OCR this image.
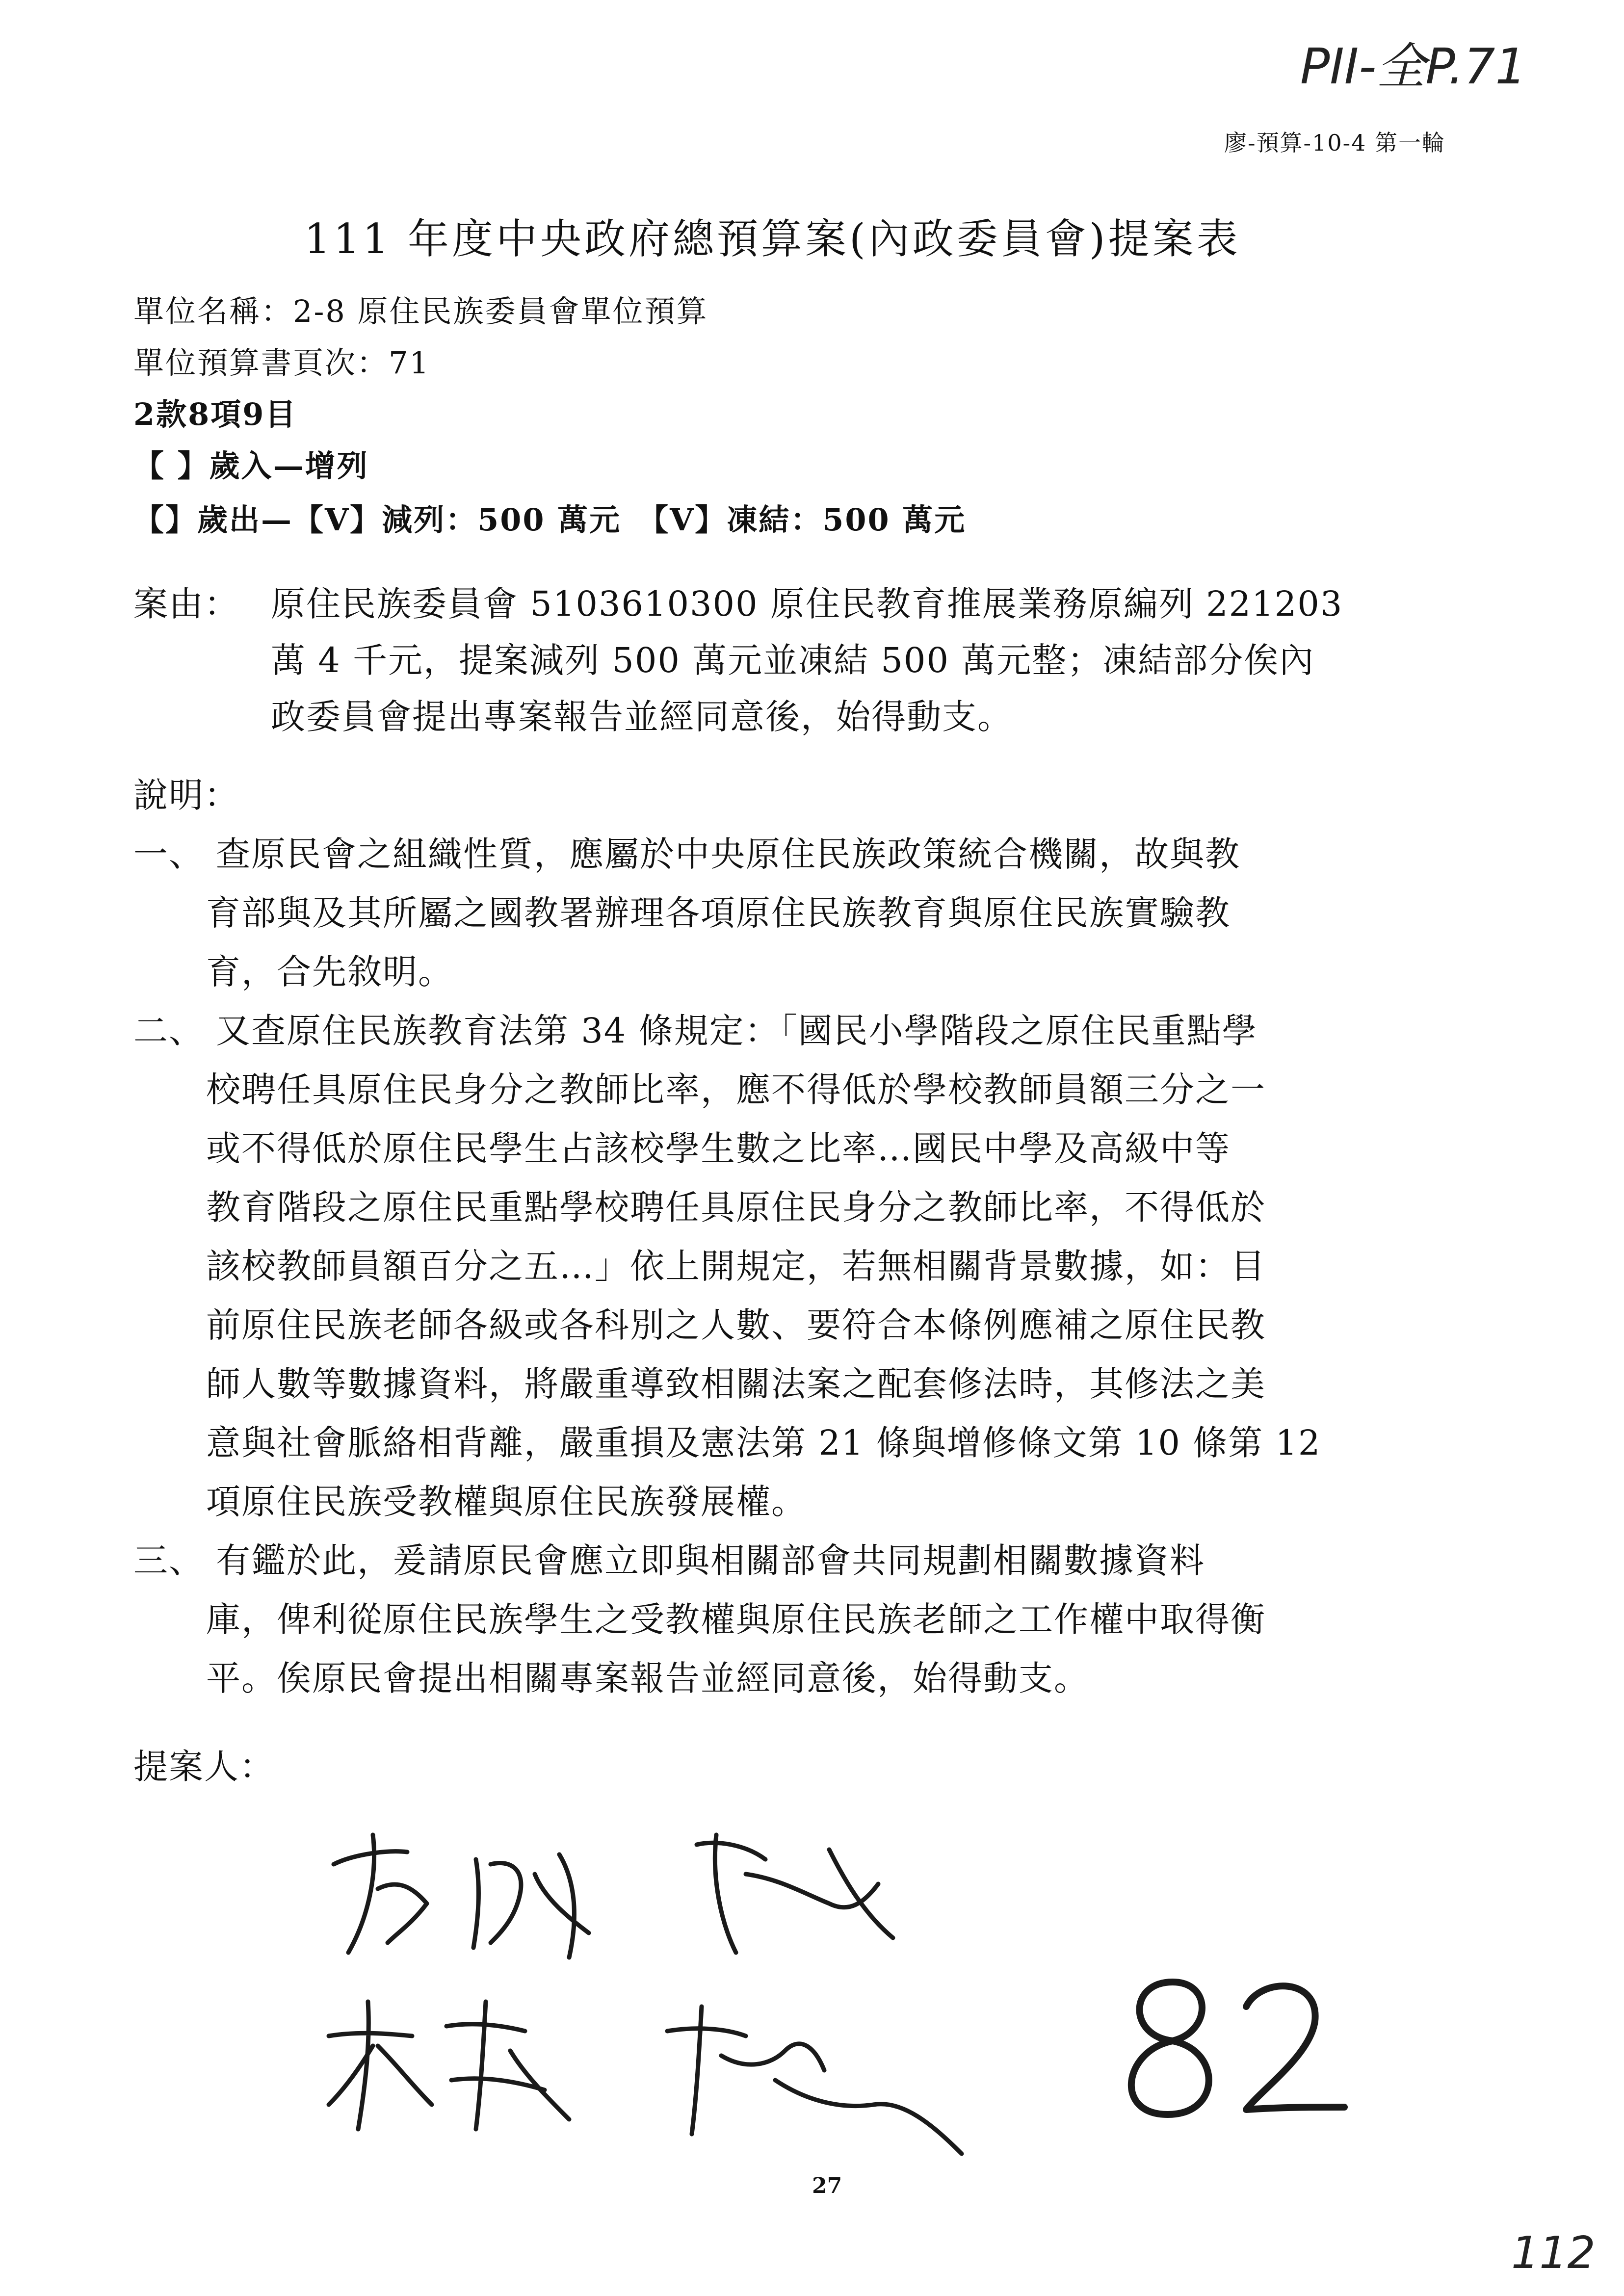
PII-全P.71
廖-預算-10-4 第一輪
111 年度中央政府總預算案(內政委員會)提案表
單位名稱：2-8 原住民族委員會單位預算
單位預算書頁次：71
2款8項9目
【 】歲入—增列
【】歲出—【V】減列：500 萬元　【V】凍結：500 萬元
案由： 原住民族委員會 5103610300 原住民教育推展業務原編列 221203
萬 4 千元，提案減列 500 萬元並凍結 500 萬元整；凍結部分俟內
政委員會提出專案報告並經同意後，始得動支。
說明：
一、 查原民會之組織性質，應屬於中央原住民族政策統合機關，故與教
育部與及其所屬之國教署辦理各項原住民族教育與原住民族實驗教
育，合先敘明。
二、 又查原住民族教育法第 34 條規定：「國民小學階段之原住民重點學
校聘任具原住民身分之教師比率，應不得低於學校教師員額三分之一
或不得低於原住民學生占該校學生數之比率…國民中學及高級中等
教育階段之原住民重點學校聘任具原住民身分之教師比率，不得低於
該校教師員額百分之五…」依上開規定，若無相關背景數據，如：目
前原住民族老師各級或各科別之人數、要符合本條例應補之原住民教
師人數等數據資料，將嚴重導致相關法案之配套修法時，其修法之美
意與社會脈絡相背離，嚴重損及憲法第 21 條與增修條文第 10 條第 12
項原住民族受教權與原住民族發展權。
三、 有鑑於此，爰請原民會應立即與相關部會共同規劃相關數據資料
庫，俾利從原住民族學生之受教權與原住民族老師之工作權中取得衡
平。俟原民會提出相關專案報告並經同意後，始得動支。
提案人：
27
112
